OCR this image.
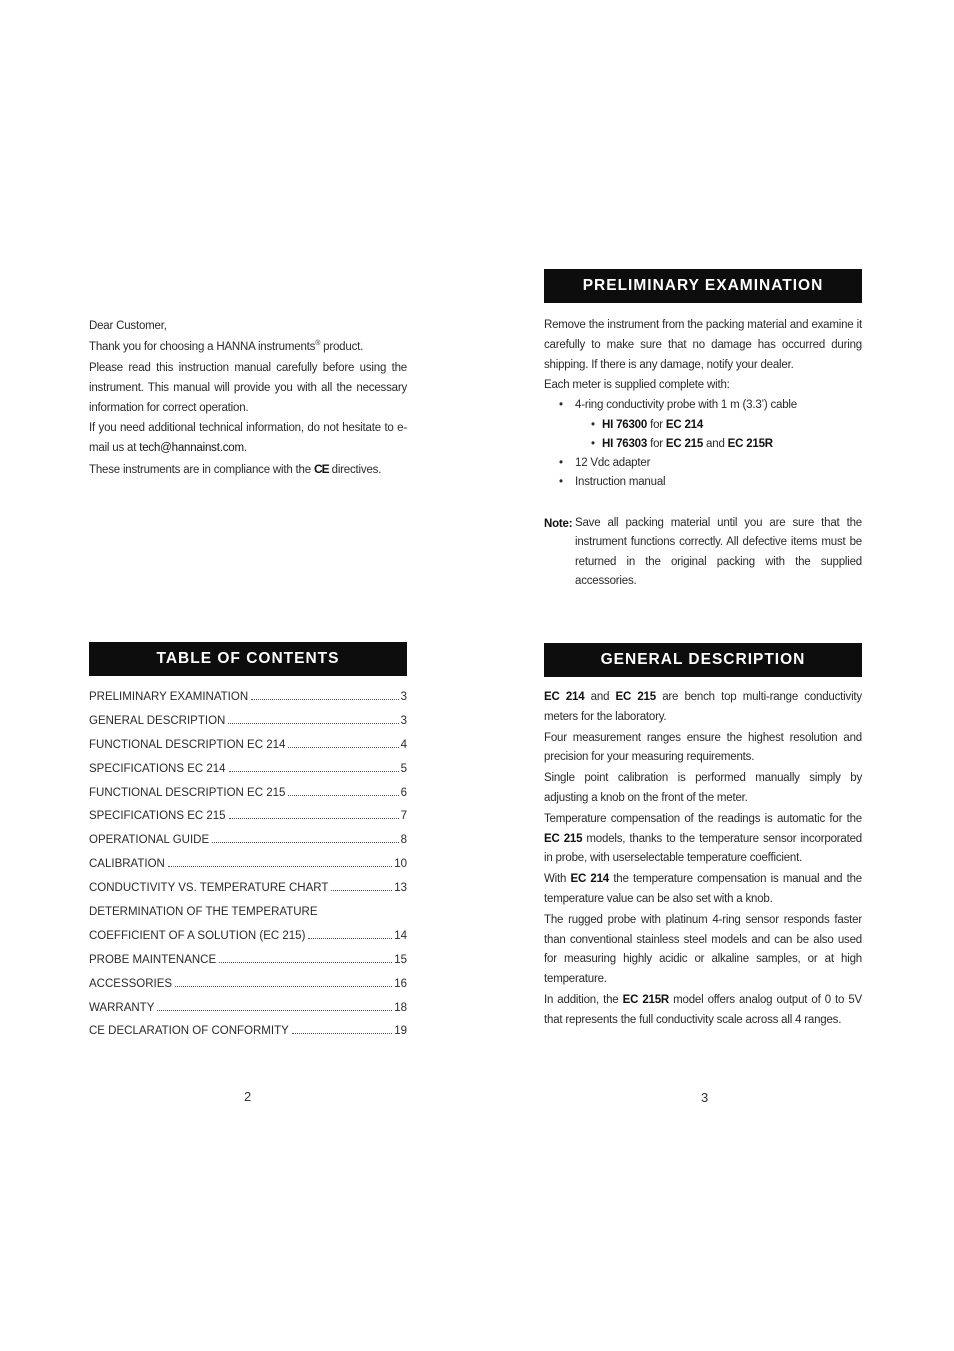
Dear Customer,

Thank you for choosing a HANNA instruments® product.

Please read this instruction manual carefully before using the instrument. This manual will provide you with all the necessary information for correct operation.

If you need additional technical information, do not hesitate to e-mail us at tech@hannainst.com.

These instruments are in compliance with the CE directives.

TABLE OF CONTENTS
PRELIMINARY EXAMINATION	3
GENERAL DESCRIPTION	3
FUNCTIONAL DESCRIPTION EC 214	4
SPECIFICATIONS EC 214	5
FUNCTIONAL DESCRIPTION EC 215	6
SPECIFICATIONS EC 215	7
OPERATIONAL GUIDE	8
CALIBRATION	10
CONDUCTIVITY VS. TEMPERATURE CHART	13
DETERMINATION OF THE TEMPERATURE
COEFFICIENT OF A SOLUTION (EC 215)	14
PROBE MAINTENANCE	15
ACCESSORIES	16
WARRANTY	18
CE DECLARATION OF CONFORMITY	19
2
PRELIMINARY EXAMINATION

Remove the instrument from the packing material and examine it carefully to make sure that no damage has occurred during shipping. If there is any damage, notify your dealer.

Each meter is supplied complete with:

• 4-ring conductivity probe with 1 m (3.3’) cable
• HI 76300 for EC 214
• HI 76303 for EC 215 and EC 215R
• 12 Vdc adapter
• Instruction manual
Note: Save all packing material until you are sure that the instrument functions correctly. All defective items must be returned in the original packing with the supplied accessories.
GENERAL DESCRIPTION

EC 214 and EC 215 are bench top multi-range conductivity meters for the laboratory.

Four measurement ranges ensure the highest resolution and precision for your measuring requirements.

Single point calibration is performed manually simply by adjusting a knob on the front of the meter.

Temperature compensation of the readings is automatic for the EC 215 models, thanks to the temperature sensor incorporated in probe, with userselectable temperature coefficient.

With EC 214 the temperature compensation is manual and the temperature value can be also set with a knob.

The rugged probe with platinum 4-ring sensor responds faster than conventional stainless steel models and can be also used for measuring highly acidic or alkaline samples, or at high temperature.

In addition, the EC 215R model offers analog output of 0 to 5V that represents the full conductivity scale across all 4 ranges.

3
